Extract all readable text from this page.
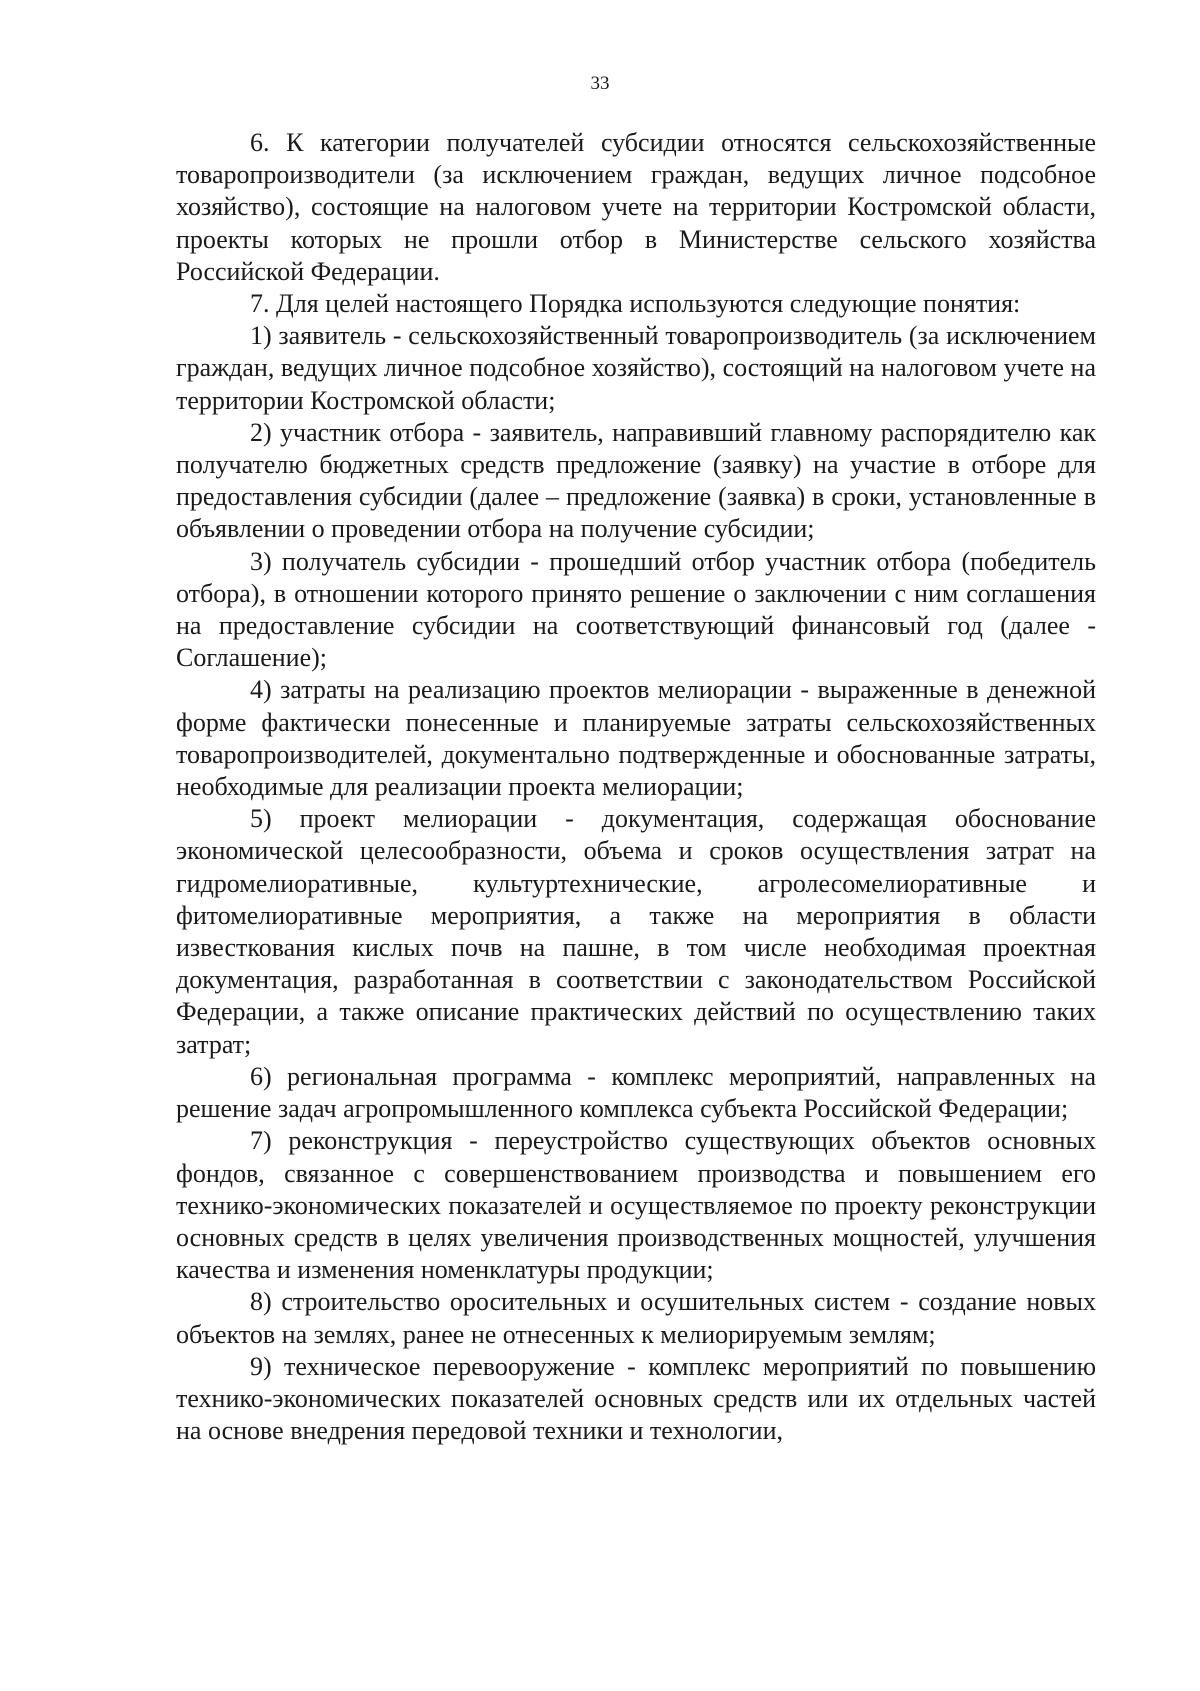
33

6. К категории получателей субсидии относятся сельскохозяйственные товаропроизводители (за исключением граждан, ведущих личное подсобное хозяйство), состоящие на налоговом учете на территории Костромской области, проекты которых не прошли отбор в Министерстве сельского хозяйства Российской Федерации.

7. Для целей настоящего Порядка используются следующие понятия:

1) заявитель - сельскохозяйственный товаропроизводитель (за исключением граждан, ведущих личное подсобное хозяйство), состоящий на налоговом учете на территории Костромской области;

2) участник отбора - заявитель, направивший главному распорядителю как получателю бюджетных средств предложение (заявку) на участие в отборе для предоставления субсидии (далее – предложение (заявка) в сроки, установленные в объявлении о проведении отбора на получение субсидии;

3) получатель субсидии - прошедший отбор участник отбора (победитель отбора), в отношении которого принято решение о заключении с ним соглашения на предоставление субсидии на соответствующий финансовый год (далее - Соглашение);

4) затраты на реализацию проектов мелиорации - выраженные в денежной форме фактически понесенные и планируемые затраты сельскохозяйственных товаропроизводителей, документально подтвержденные и обоснованные затраты, необходимые для реализации проекта мелиорации;

5) проект мелиорации - документация, содержащая обоснование экономической целесообразности, объема и сроков осуществления затрат на гидромелиоративные, культуртехнические, агролесомелиоративные и фитомелиоративные мероприятия, а также на мероприятия в области известкования кислых почв на пашне, в том числе необходимая проектная документация, разработанная в соответствии с законодательством Российской Федерации, а также описание практических действий по осуществлению таких затрат;

6) региональная программа - комплекс мероприятий, направленных на решение задач агропромышленного комплекса субъекта Российской Федерации;

7) реконструкция - переустройство существующих объектов основных фондов, связанное с совершенствованием производства и повышением его технико-экономических показателей и осуществляемое по проекту реконструкции основных средств в целях увеличения производственных мощностей, улучшения качества и изменения номенклатуры продукции;

8) строительство оросительных и осушительных систем - создание новых объектов на землях, ранее не отнесенных к мелиорируемым землям;

9) техническое перевооружение - комплекс мероприятий по повышению технико-экономических показателей основных средств или их отдельных частей на основе внедрения передовой техники и технологии,
